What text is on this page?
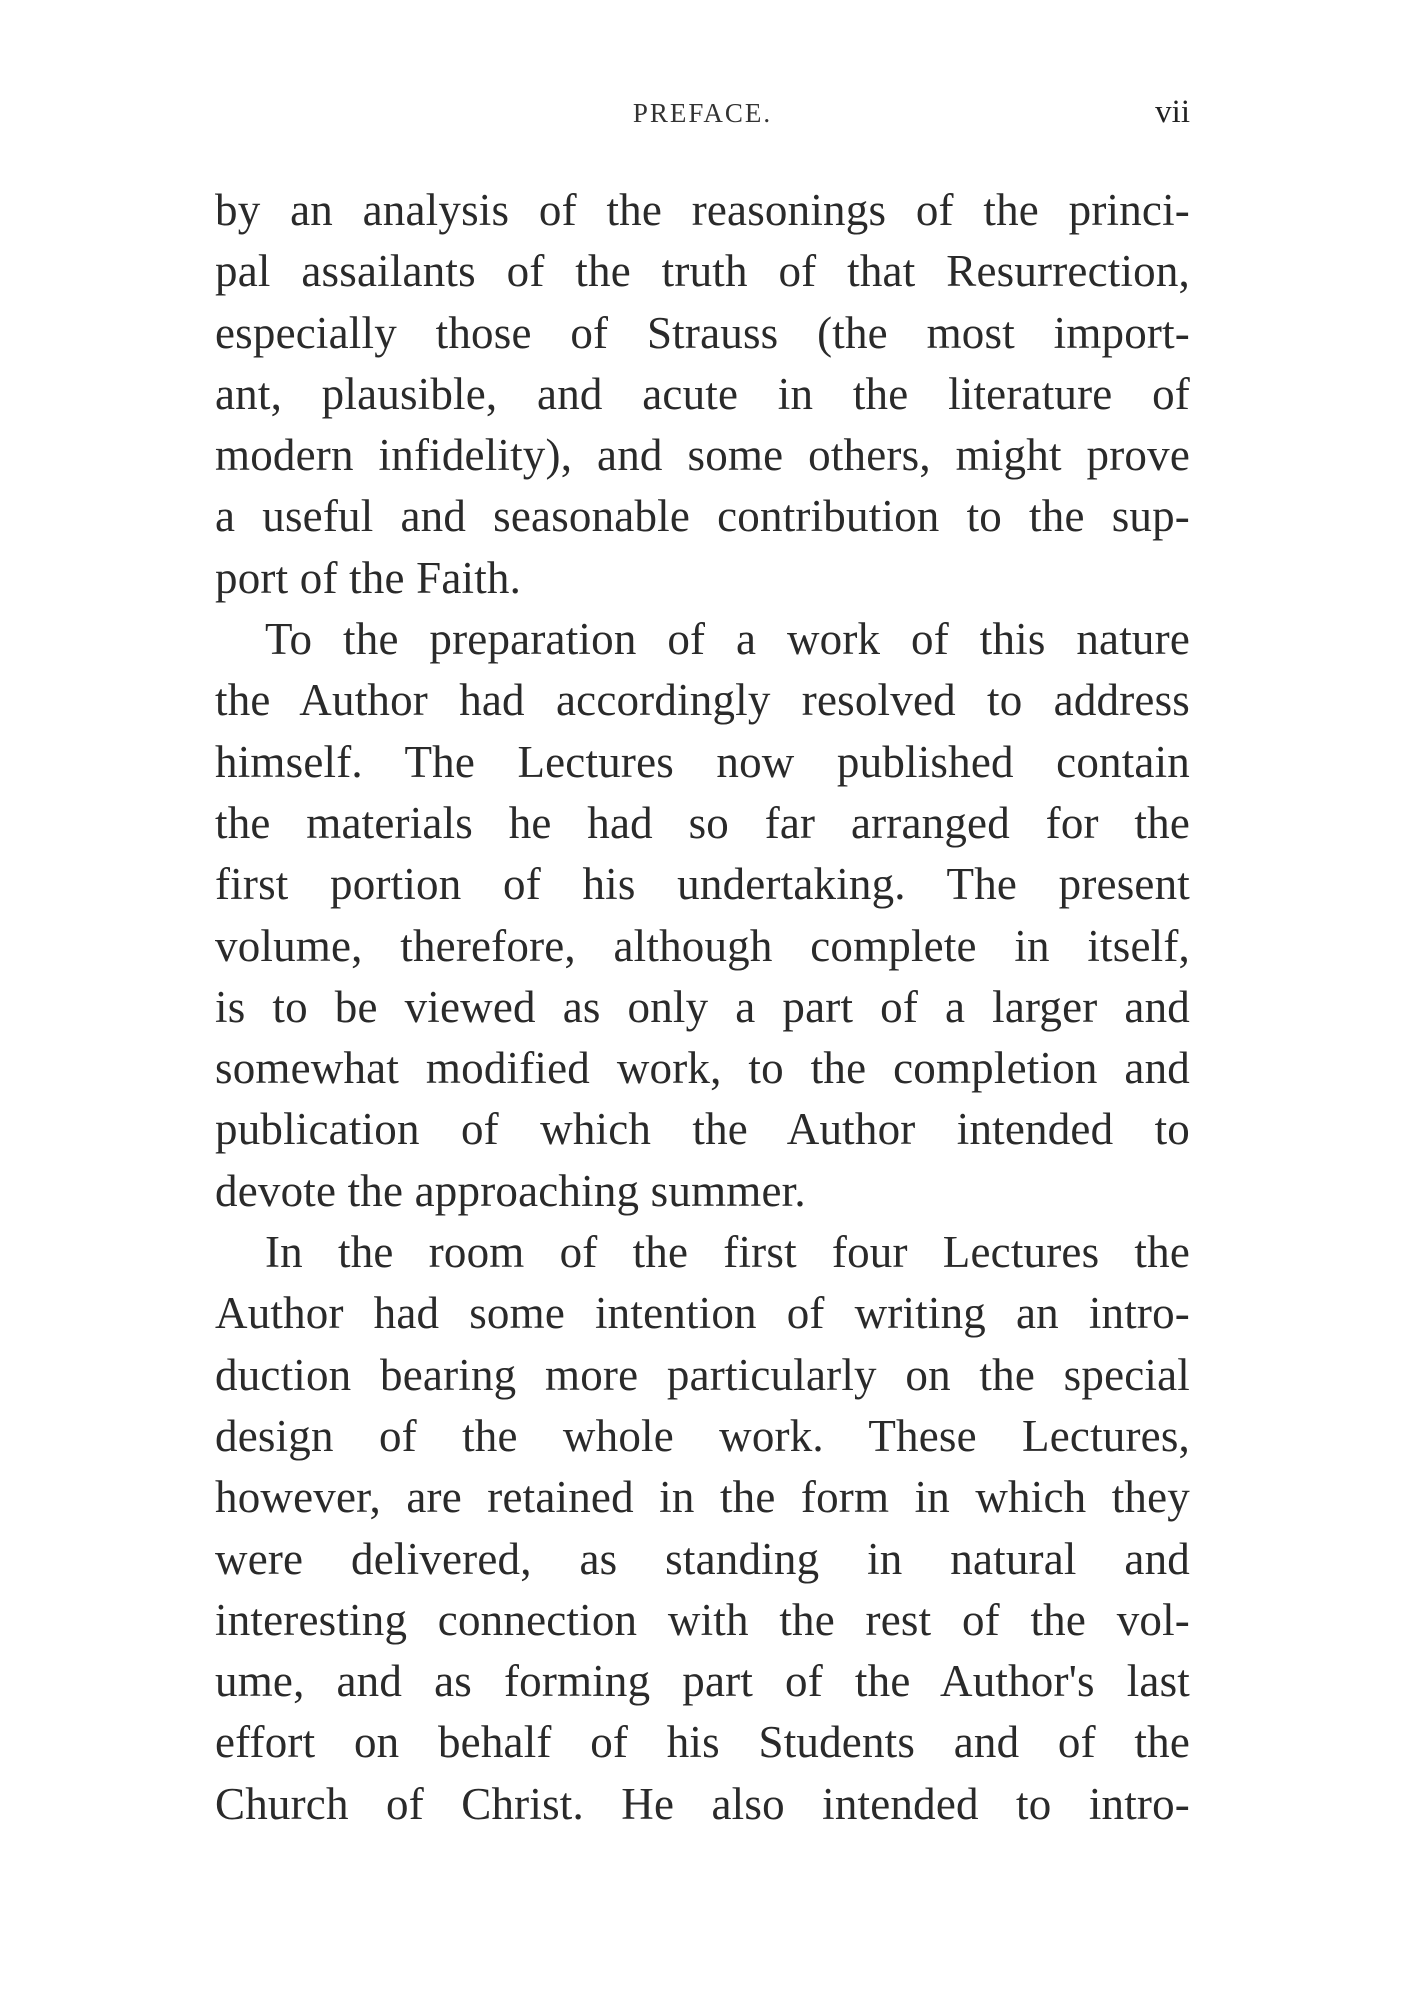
PREFACE.	vii
by an analysis of the reasonings of the princi-
pal assailants of the truth of that Resurrection,
especially those of Strauss (the most import-
ant, plausible, and acute in the literature of
modern infidelity), and some others, might prove
a useful and seasonable contribution to the sup-
port of the Faith.
To the preparation of a work of this nature
the Author had accordingly resolved to address
himself. The Lectures now published contain
the materials he had so far arranged for the
first portion of his undertaking. The present
volume, therefore, although complete in itself,
is to be viewed as only a part of a larger and
somewhat modified work, to the completion and
publication of which the Author intended to
devote the approaching summer.
In the room of the first four Lectures the
Author had some intention of writing an intro-
duction bearing more particularly on the special
design of the whole work. These Lectures,
however, are retained in the form in which they
were delivered, as standing in natural and
interesting connection with the rest of the vol-
ume, and as forming part of the Author's last
effort on behalf of his Students and of the
Church of Christ. He also intended to intro-
